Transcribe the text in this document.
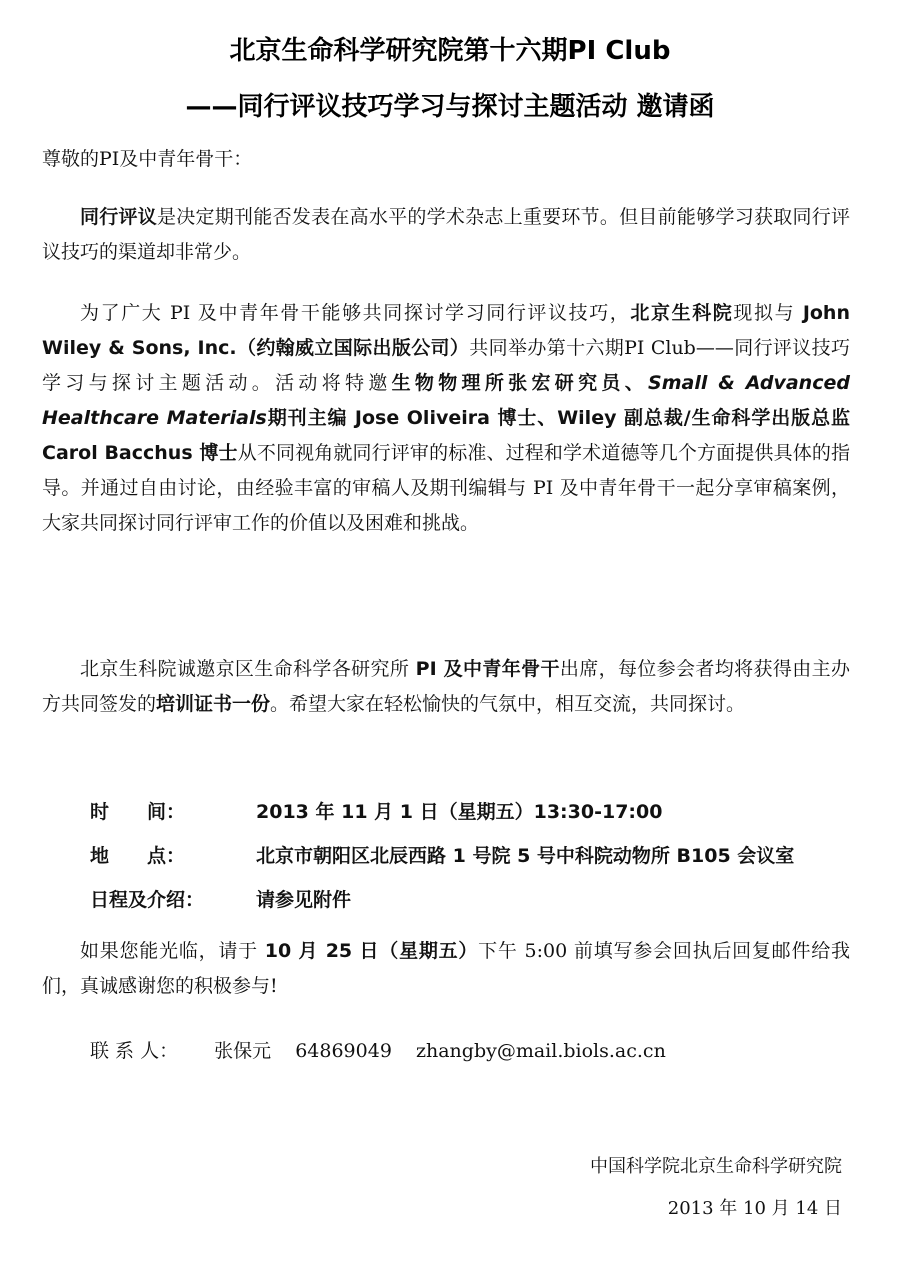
北京生命科学研究院第十六期PI Club
——同行评议技巧学习与探讨主题活动 邀请函
尊敬的PI及中青年骨干：
同行评议是决定期刊能否发表在高水平的学术杂志上重要环节。但目前能够学习获取同行评议技巧的渠道却非常少。
为了广大 PI 及中青年骨干能够共同探讨学习同行评议技巧，北京生科院现拟与 John Wiley & Sons, Inc.（约翰威立国际出版公司）共同举办第十六期PI Club——同行评议技巧学习与探讨主题活动。活动将特邀生物物理所张宏研究员、Small & Advanced Healthcare Materials期刊主编 Jose Oliveira 博士、Wiley 副总裁/生命科学出版总监 Carol Bacchus 博士从不同视角就同行评审的标准、过程和学术道德等几个方面提供具体的指导。并通过自由讨论，由经验丰富的审稿人及期刊编辑与 PI 及中青年骨干一起分享审稿案例，大家共同探讨同行评审工作的价值以及困难和挑战。
北京生科院诚邀京区生命科学各研究所 PI 及中青年骨干出席，每位参会者均将获得由主办方共同签发的培训证书一份。希望大家在轻松愉快的气氛中，相互交流，共同探讨。
时　　间：	2013 年 11 月 1 日（星期五）13:30-17:00
地　　点：	北京市朝阳区北辰西路 1 号院 5 号中科院动物所 B105 会议室
日程及介绍：	请参见附件
如果您能光临，请于 10 月 25 日（星期五）下午 5:00 前填写参会回执后回复邮件给我们，真诚感谢您的积极参与!
联 系 人： 张保元 64869049 zhangby@mail.biols.ac.cn
中国科学院北京生命科学研究院
2013 年 10 月 14 日
